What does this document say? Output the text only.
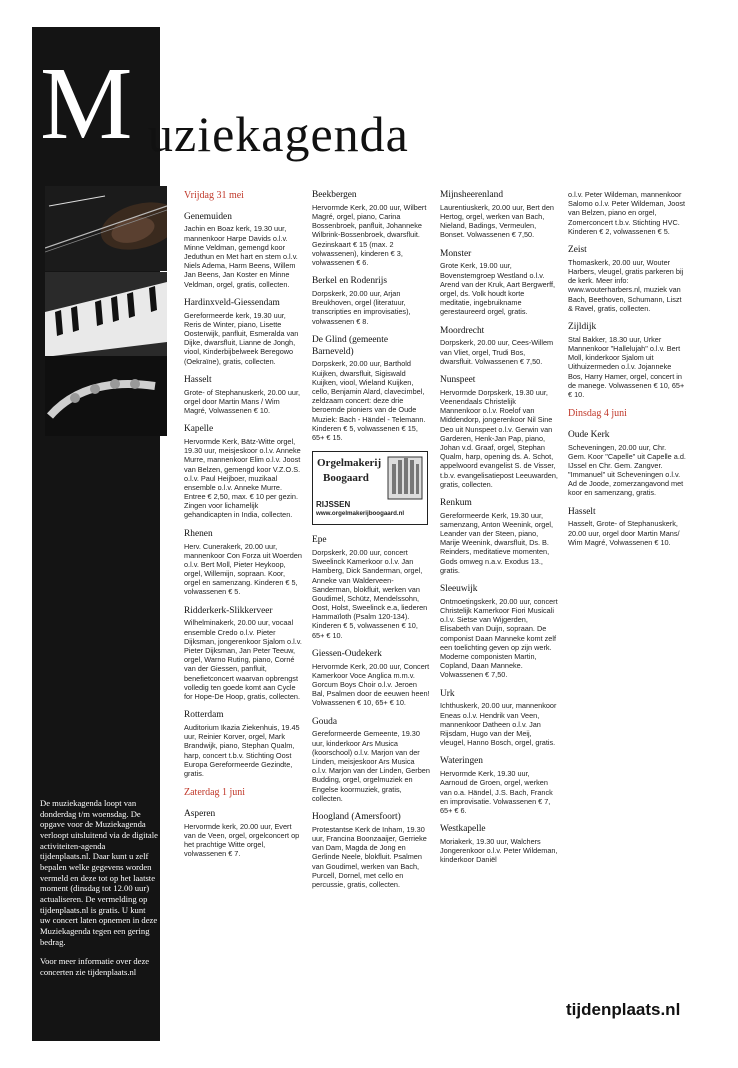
M uziekagenda

De muziekagenda loopt van donderdag t/m woensdag. De opgave voor de Muziekagenda verloopt uitsluitend via de digitale activiteiten-agenda tijdenplaats.nl. Daar kunt u zelf bepalen welke gegevens worden vermeld en deze tot op het laatste moment (dinsdag tot 12.00 uur) actualiseren. De vermelding op tijdenplaats.nl is gratis. U kunt uw concert laten opnemen in deze Muziekagenda tegen een gering bedrag.

Voor meer informatie over deze concerten zie tijdenplaats.nl

Vrijdag 31 mei
Genemuiden
Jachin en Boaz kerk, 19.30 uur, mannenkoor Harpe Davids o.l.v. Minne Veldman, gemengd koor Jeduthun en Met hart en stem o.l.v. Niels Adema, Harm Beens, Willem Jan Beens, Jan Koster en Minne Veldman, orgel, gratis, collecten.
Hardinxveld-Giessendam
Gereformeerde kerk, 19.30 uur, Reris de Winter, piano, Lisette Oosterwijk, panfluit, Esmeralda van Dijke, dwarsfluit, Lianne de Jongh, viool, Kinderbijbelweek Beregowo (Oekraïne), gratis, collecten.
Hasselt
Grote- of Stephanuskerk, 20.00 uur, orgel door Martin Mans / Wim Magré, Volwassenen € 10.
Kapelle
Hervormde Kerk, Bätz-Witte orgel, 19.30 uur, meisjeskoor o.l.v. Anneke Murre, mannenkoor Elim o.l.v. Joost van Belzen, gemengd koor V.Z.O.S. o.l.v. Paul Heijboer, muzikaal ensemble o.l.v. Anneke Murre. Entree € 2,50, max. € 10 per gezin. Zingen voor lichamelijk gehandicapten in India, collecten.
Rhenen
Herv. Cunerakerk, 20.00 uur, mannenkoor Con Forza uit Woerden o.l.v. Bert Moll, Pieter Heykoop, orgel, Willemijn, sopraan. Koor, orgel en samenzang. Kinderen € 5, volwassenen € 5.
Ridderkerk-Slikkerveer
Wilhelminakerk, 20.00 uur, vocaal ensemble Credo o.l.v. Pieter Dijksman, jongerenkoor Sjalom o.l.v. Pieter Dijksman, Jan Peter Teeuw, orgel, Warno Ruting, piano, Corné van der Giessen, panfluit, benefietconcert waarvan opbrengst volledig ten goede komt aan Cycle for Hope-De Hoop, gratis, collecten.
Rotterdam
Auditorium Ikazia Ziekenhuis, 19.45 uur, Reinier Korver, orgel, Mark Brandwijk, piano, Stephan Qualm, harp, concert t.b.v. Stichting Oost Europa Gereformeerde Gezindte, gratis.
Zaterdag 1 juni
Asperen
Hervormde kerk, 20.00 uur, Evert van de Veen, orgel, orgelconcert op het prachtige Witte orgel, volwassenen € 7.
Beekbergen
Hervormde Kerk, 20.00 uur, Wilbert Magré, orgel, piano, Carina Bossenbroek, panfluit, Johanneke Wilbrink-Bossenbroek, dwarsfluit. Gezinskaart € 15 (max. 2 volwassenen), kinderen € 3, volwassenen € 6.
Berkel en Rodenrijs
Dorpskerk, 20.00 uur, Arjan Breukhoven, orgel (literatuur, transcripties en improvisaties), volwassenen € 8.
De Glind (gemeente Barneveld)
Dorpskerk, 20.00 uur, Barthold Kuijken, dwarsfluit, Sigiswald Kuijken, viool, Wieland Kuijken, cello, Benjamin Alard, clavecimbel, zeldzaam concert: deze drie beroemde pioniers van de Oude Muziek: Bach - Händel - Telemann. Kinderen € 5, volwassenen € 15, 65+ € 15.
Orgelmakerij
Boogaard
RIJSSEN
www.orgelmakerijboogaard.nl
Epe
Dorpskerk, 20.00 uur, concert Sweelinck Kamerkoor o.l.v. Jan Hamberg, Dick Sanderman, orgel, Anneke van Walderveen-Sanderman, blokfluit, werken van Goudimel, Schütz, Mendelssohn, Oost, Hol​st, Sweelinck e.a, liederen Hammaïloth (Psalm 120-134). Kinderen € 5, volwassenen € 10, 65+ € 10.
Giessen-Oudekerk
Hervormde Kerk, 20.00 uur, Concert Kamerkoor Voce Anglica m.m.v. Gorcum Boys Choir o.l.v. Jeroen Bal, Psalmen door de eeuwen heen! Volwassenen € 10, 65+ € 10.
Gouda
Gereformeerde Gemeente, 19.30 uur, kinderkoor Ars Musica (koorschool) o.l.v. Marjon van der Linden, meisjeskoor Ars Musica o.l.v. Marjon van der Linden, Gerben Budding, orgel, orgelmuziek en Engelse koormuziek, gratis, collecten.
Hoogland (Amersfoort)
Protestantse Kerk de Inham, 19.30 uur, Francina Boonzaaijer, Gerrieke van Dam, Magda de Jong en Gerlinde Neele, blokfluit. Psalmen van Goudimel, werken van Bach, Purcell, Dornel, met cello en percussie, gratis, collecten.
Mijnsheerenland
Laurentiuskerk, 20.00 uur, Bert den Hertog, orgel, werken van Bach, Nieland, Badings, Vermeulen, Bonset. Volwassenen € 7,50.
Monster
Grote Kerk, 19.00 uur, Bovenstemgroep Westland o.l.v. Arend van der Kruk, Aart Bergwerff, orgel, ds. Volk houdt korte meditatie, ingebruikname gerestaureerd orgel, gratis.
Moordrecht
Dorpskerk, 20.00 uur, Cees-Willem van Vliet, orgel, Trudi Bos, dwarsfluit. Volwassenen € 7,50.
Nunspeet
Hervormde Dorpskerk, 19.30 uur, Veenendaals Christelijk Mannenkoor o.l.v. Roelof van Middendorp, jongerenkoor Nil Sine Deo uit Nunspeet o.l.v. Gerwin van Garderen, Henk-Jan Pap, piano, Johan v.d. Graaf, orgel, Stephan Qualm, harp, opening ds. A. Schot, appelwoord evangelist S. de Visser, t.b.v. evangelisatiepost Leeuwarden, gratis, collecten.
Renkum
Gereformeerde Kerk, 19.30 uur, samenzang, Anton Weenink, orgel, Leander van der Steen, piano, Marije Weenink, dwarsfluit, Ds. B. Reinders, meditatieve momenten, Gods omweg n.a.v. Exodus 13., gratis.
Sleeuwijk
Ontmoetingskerk, 20.00 uur, concert Christelijk Kamerkoor Fiori Musicali o.l.v. Sietse van Wijgerden, Elisabeth van Duijn, sopraan. De componist Daan Manneke komt zelf een toelichting geven op zijn werk. Moderne componisten Martin, Copland, Daan Manneke. Volwassenen € 7,50.
Urk
Ichthuskerk, 20.00 uur, mannenkoor Eneas o.l.v. Hendrik van Veen, mannenkoor Datheen o.l.v. Jan Rijsdam, Hugo van der Meij, vleugel, Hanno Bosch, orgel, gratis.
Wateringen
Hervormde Kerk, 19.30 uur, Aarnoud de Groen, orgel, werken van o.a. Händel, J.S. Bach, Franck en improvisatie. Volwassenen € 7, 65+ € 6.
Westkapelle
Moriakerk, 19.30 uur, Walchers Jongerenkoor o.l.v. Peter Wildeman, kinderkoor Daniël
o.l.v. Peter Wildeman, mannenkoor Salomo o.l.v. Peter Wildeman, Joost van Belzen, piano en orgel, Zomerconcert t.b.v. Stichting HVC. Kinderen € 2, volwassenen € 5.
Zeist
Thomaskerk, 20.00 uur, Wouter Harbers, vleugel, gratis parkeren bij de kerk. Meer info: www.wouterharbers.nl, muziek van Bach, Beethoven, Schumann, Liszt & Ravel, gratis, collecten.
Zijldijk
Stal Bakker, 18.30 uur, Urker Mannenkoor "Hallelujah" o.l.v. Bert Moll, kinderkoor Sjalom uit Uithuizermeden o.l.v. Jojanneke Bos, Harry Hamer, orgel, concert in de manege. Volwassenen € 10, 65+ € 10.
Dinsdag 4 juni
Oude Kerk
Scheveningen, 20.00 uur, Chr. Gem. Koor "Capelle" uit Capelle a.d. IJssel en Chr. Gem. Zangver. "Immanuel" uit Scheveningen o.l.v. Ad de Joode, zomerzangavond met koor en samenzang, gratis.
Hasselt
Hasselt, Grote- of Stephanuskerk, 20.00 uur, orgel door Martin Mans/ Wim Magré, Volwassenen € 10.
tijdenplaats.nl
